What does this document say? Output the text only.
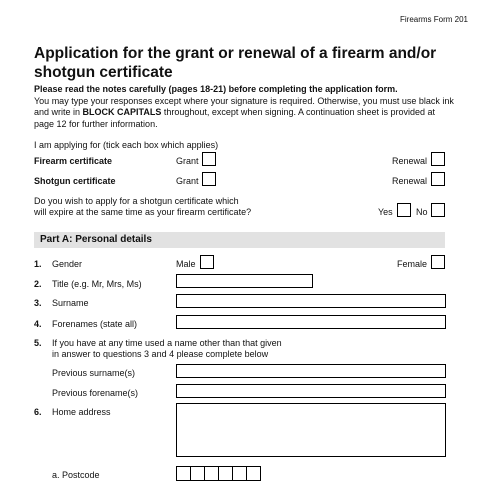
Firearms Form 201
Application for the grant or renewal of a firearm and/or shotgun certificate
Please read the notes carefully (pages 18-21) before completing the application form.
You may type your responses except where your signature is required. Otherwise, you must use black ink and write in BLOCK CAPITALS throughout, except when signing. A continuation sheet is provided at page 12 for further information.
I am applying for (tick each box which applies)
Firearm certificate	Grant	Renewal
Shotgun certificate	Grant	Renewal
Do you wish to apply for a shotgun certificate which
will expire at the same time as your firearm certificate?	Yes	No
Part A: Personal details
1. Gender	Male	Female
2. Title (e.g. Mr, Mrs, Ms)
3. Surname
4. Forenames (state all)
5. If you have at any time used a name other than that given
in answer to questions 3 and 4 please complete below
Previous surname(s)
Previous forename(s)
6. Home address
a. Postcode
